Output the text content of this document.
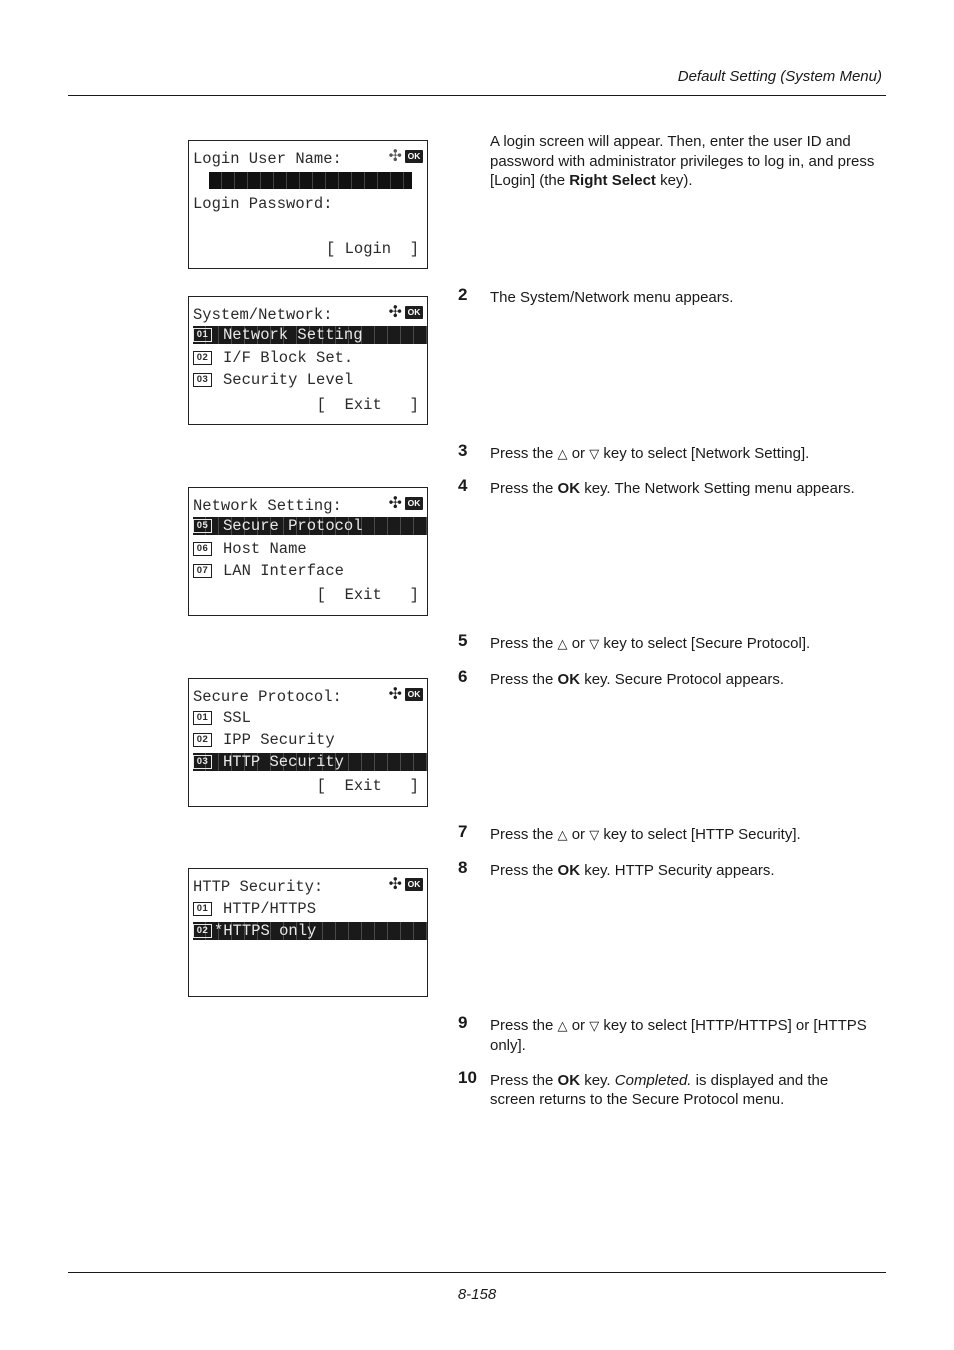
Default Setting (System Menu)
Login User Name:	✣ OK
Login Password:
[ Login  ]
System/Network:	✣ OK
01 Network Setting
02 I/F Block Set.
03 Security Level
[  Exit   ]
Network Setting:	✣ OK
05 Secure Protocol
06 Host Name
07 LAN Interface
[  Exit   ]
Secure Protocol:	✣ OK
01 SSL
02 IPP Security
03 HTTP Security
[  Exit   ]
HTTP Security:	✣ OK
01 HTTP/HTTPS
02 *HTTPS only
A login screen will appear. Then, enter the user ID and password with administrator privileges to log in, and press [Login] (the Right Select key).
2	The System/Network menu appears.
3	Press the △ or ▽ key to select [Network Setting].
4	Press the OK key. The Network Setting menu appears.
5	Press the △ or ▽ key to select [Secure Protocol].
6	Press the OK key. Secure Protocol appears.
7	Press the △ or ▽ key to select [HTTP Security].
8	Press the OK key. HTTP Security appears.
9	Press the △ or ▽ key to select [HTTP/HTTPS] or [HTTPS only].
10 Press the OK key. Completed. is displayed and the screen returns to the Secure Protocol menu.
8-158
